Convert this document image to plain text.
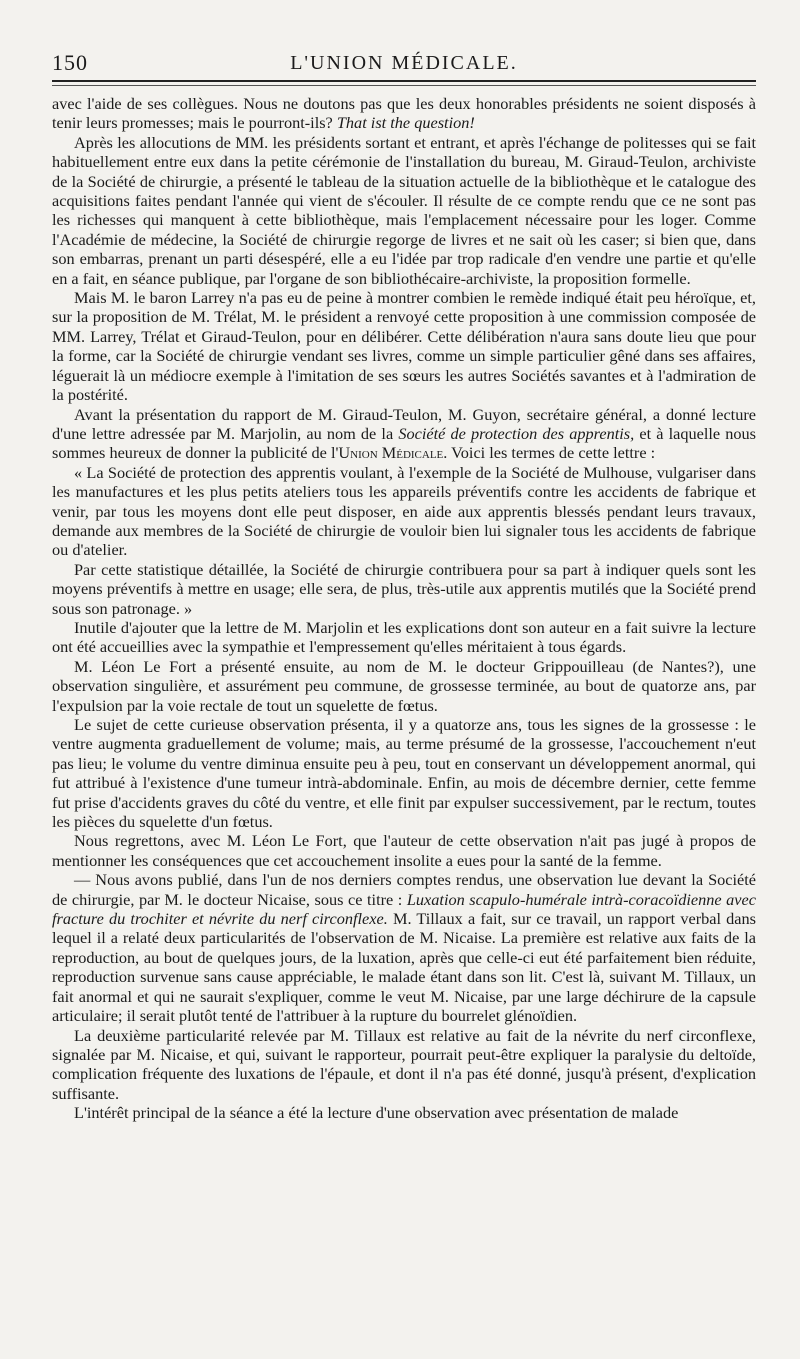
150	L'UNION MÉDICALE.

avec l'aide de ses collègues. Nous ne doutons pas que les deux honorables présidents ne soient disposés à tenir leurs promesses; mais le pourront-ils? That ist the question!

Après les allocutions de MM. les présidents sortant et entrant, et après l'échange de politesses qui se fait habituellement entre eux dans la petite cérémonie de l'installation du bureau, M. Giraud-Teulon, archiviste de la Société de chirurgie, a présenté le tableau de la situation actuelle de la bibliothèque et le catalogue des acquisitions faites pendant l'année qui vient de s'écouler. Il résulte de ce compte rendu que ce ne sont pas les richesses qui manquent à cette bibliothèque, mais l'emplacement nécessaire pour les loger. Comme l'Académie de médecine, la Société de chirurgie regorge de livres et ne sait où les caser; si bien que, dans son embarras, prenant un parti désespéré, elle a eu l'idée par trop radicale d'en vendre une partie et qu'elle en a fait, en séance publique, par l'organe de son bibliothécaire-archiviste, la proposition formelle.

Mais M. le baron Larrey n'a pas eu de peine à montrer combien le remède indiqué était peu héroïque, et, sur la proposition de M. Trélat, M. le président a renvoyé cette proposition à une commission composée de MM. Larrey, Trélat et Giraud-Teulon, pour en délibérer. Cette délibération n'aura sans doute lieu que pour la forme, car la Société de chirurgie vendant ses livres, comme un simple particulier gêné dans ses affaires, léguerait là un médiocre exemple à l'imitation de ses sœurs les autres Sociétés savantes et à l'admiration de la postérité.

Avant la présentation du rapport de M. Giraud-Teulon, M. Guyon, secrétaire général, a donné lecture d'une lettre adressée par M. Marjolin, au nom de la Société de protection des apprentis, et à laquelle nous sommes heureux de donner la publicité de l'Union Médicale. Voici les termes de cette lettre :

« La Société de protection des apprentis voulant, à l'exemple de la Société de Mulhouse, vulgariser dans les manufactures et les plus petits ateliers tous les appareils préventifs contre les accidents de fabrique et venir, par tous les moyens dont elle peut disposer, en aide aux apprentis blessés pendant leurs travaux, demande aux membres de la Société de chirurgie de vouloir bien lui signaler tous les accidents de fabrique ou d'atelier.

Par cette statistique détaillée, la Société de chirurgie contribuera pour sa part à indiquer quels sont les moyens préventifs à mettre en usage; elle sera, de plus, très-utile aux apprentis mutilés que la Société prend sous son patronage. »

Inutile d'ajouter que la lettre de M. Marjolin et les explications dont son auteur en a fait suivre la lecture ont été accueillies avec la sympathie et l'empressement qu'elles méritaient à tous égards.

M. Léon Le Fort a présenté ensuite, au nom de M. le docteur Grippouilleau (de Nantes?), une observation singulière, et assurément peu commune, de grossesse terminée, au bout de quatorze ans, par l'expulsion par la voie rectale de tout un squelette de fœtus.

Le sujet de cette curieuse observation présenta, il y a quatorze ans, tous les signes de la grossesse : le ventre augmenta graduellement de volume; mais, au terme présumé de la grossesse, l'accouchement n'eut pas lieu; le volume du ventre diminua ensuite peu à peu, tout en conservant un développement anormal, qui fut attribué à l'existence d'une tumeur intrà-abdominale. Enfin, au mois de décembre dernier, cette femme fut prise d'accidents graves du côté du ventre, et elle finit par expulser successivement, par le rectum, toutes les pièces du squelette d'un fœtus.

Nous regrettons, avec M. Léon Le Fort, que l'auteur de cette observation n'ait pas jugé à propos de mentionner les conséquences que cet accouchement insolite a eues pour la santé de la femme.

— Nous avons publié, dans l'un de nos derniers comptes rendus, une observation lue devant la Société de chirurgie, par M. le docteur Nicaise, sous ce titre : Luxation scapulo-humérale intrà-coracoïdienne avec fracture du trochiter et névrite du nerf circonflexe. M. Tillaux a fait, sur ce travail, un rapport verbal dans lequel il a relaté deux particularités de l'observation de M. Nicaise. La première est relative aux faits de la reproduction, au bout de quelques jours, de la luxation, après que celle-ci eut été parfaitement bien réduite, reproduction survenue sans cause appréciable, le malade étant dans son lit. C'est là, suivant M. Tillaux, un fait anormal et qui ne saurait s'expliquer, comme le veut M. Nicaise, par une large déchirure de la capsule articulaire; il serait plutôt tenté de l'attribuer à la rupture du bourrelet glénoïdien.

La deuxième particularité relevée par M. Tillaux est relative au fait de la névrite du nerf circonflexe, signalée par M. Nicaise, et qui, suivant le rapporteur, pourrait peut-être expliquer la paralysie du deltoïde, complication fréquente des luxations de l'épaule, et dont il n'a pas été donné, jusqu'à présent, d'explication suffisante.

L'intérêt principal de la séance a été la lecture d'une observation avec présentation de malade
